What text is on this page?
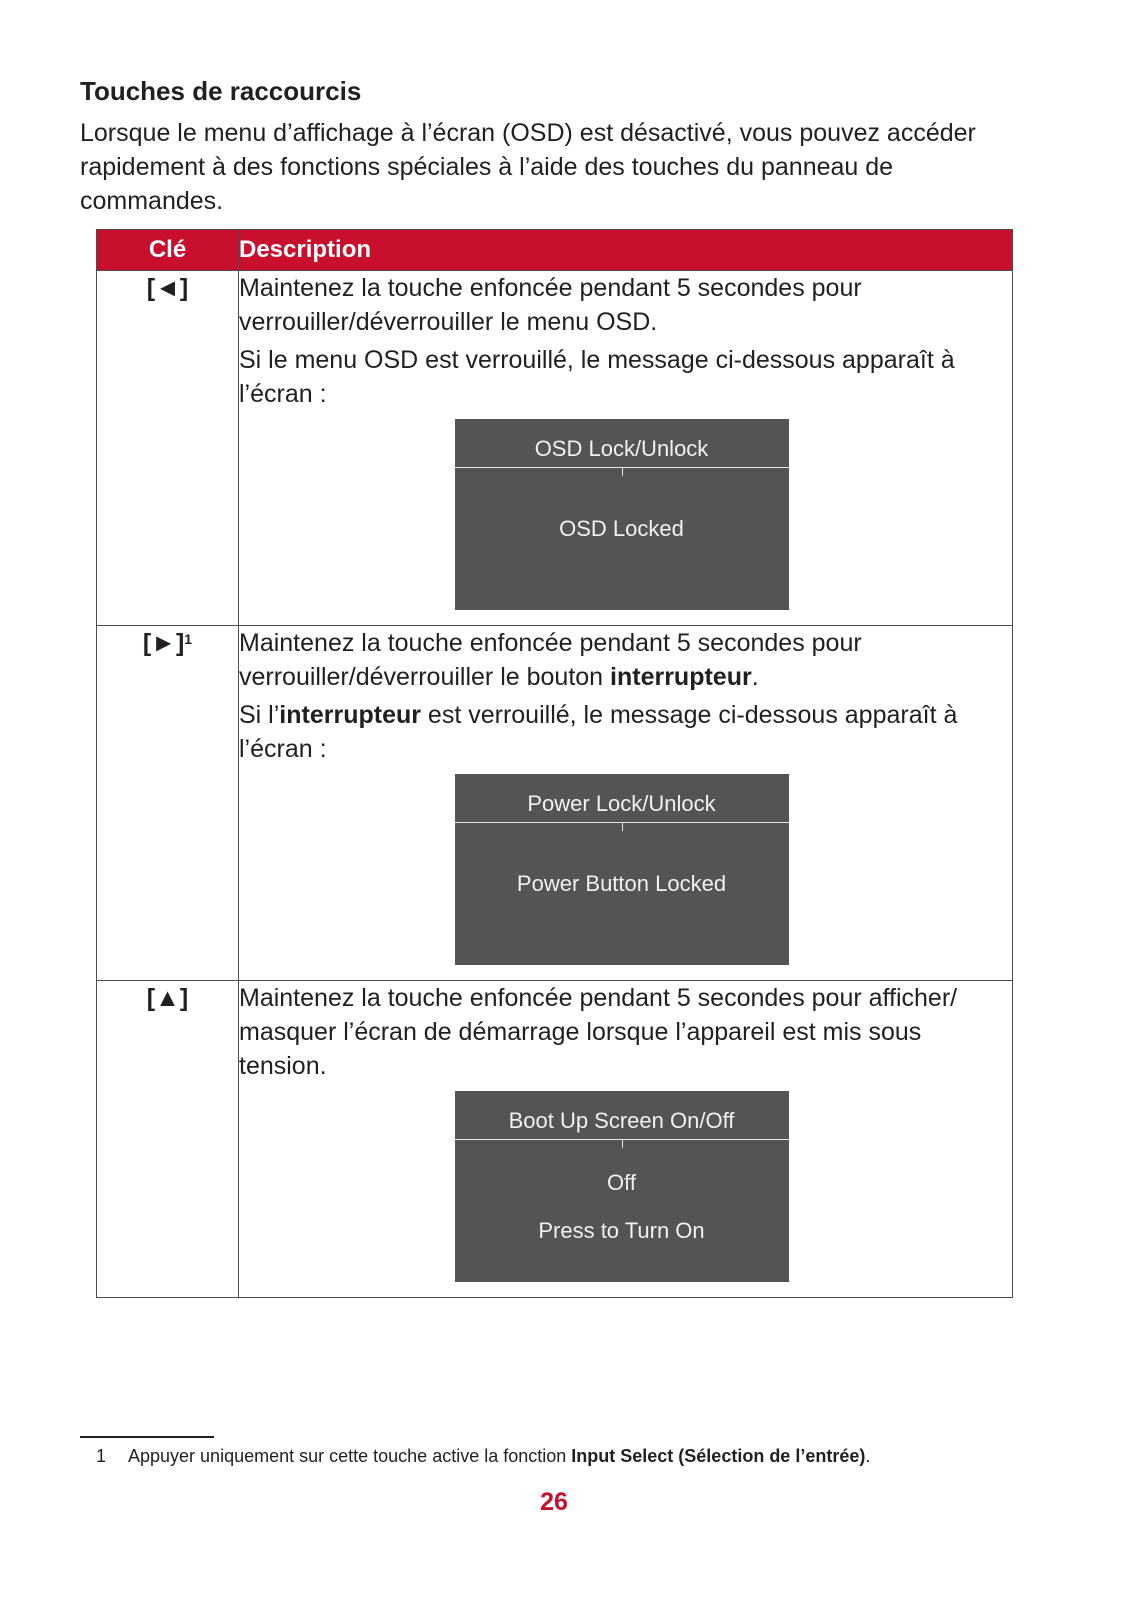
Touches de raccourcis

Lorsque le menu d’affichage à l’écran (OSD) est désactivé, vous pouvez accéder rapidement à des fonctions spéciales à l’aide des touches du panneau de commandes.

Clé	Description
[◄]	Maintenez la touche enfoncée pendant 5 secondes pour verrouiller/déverrouiller le menu OSD.

Si le menu OSD est verrouillé, le message ci-dessous apparaît à l’écran :

OSD Lock/Unlock
OSD Locked

[►]$^1$	Maintenez la touche enfoncée pendant 5 secondes pour verrouiller/déverrouiller le bouton interrupteur.

Si l’interrupteur est verrouillé, le message ci-dessous apparaît à l’écran :

Power Lock/Unlock
Power Button Locked

[▲]	Maintenez la touche enfoncée pendant 5 secondes pour afficher/ masquer l’écran de démarrage lorsque l’appareil est mis sous tension.

Boot Up Screen On/Off
Off
Press to Turn On

1 Appuyer uniquement sur cette touche active la fonction Input Select (Sélection de l’entrée).

26
